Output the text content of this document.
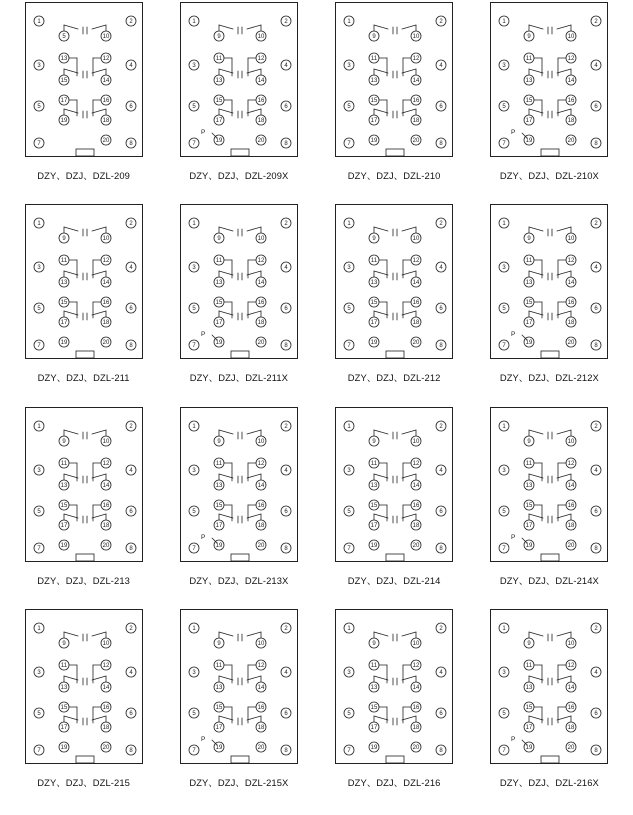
1
3
5
7
2
4
6
8
5
13
15
17
19
10
12
14
16
18
20
DZY、DZJ、DZL-209
1
3
5
7
2
4
6
8
9
11
13
15
17
19
10
12
14
16
18
20
P
DZY、DZJ、DZL-209X
1
3
5
7
2
4
6
8
9
11
13
15
17
19
10
12
14
16
18
20
DZY、DZJ、DZL-210
1
3
5
7
2
4
6
8
9
11
13
15
17
19
10
12
14
16
18
20
P
DZY、DZJ、DZL-210X
1
3
5
7
2
4
6
8
9
11
13
15
17
19
10
12
14
16
18
20
DZY、DZJ、DZL-211
1
3
5
7
2
4
6
8
9
11
13
15
17
19
10
12
14
16
18
20
P
DZY、DZJ、DZL-211X
1
3
5
7
2
4
6
8
9
11
13
15
17
19
10
12
14
16
18
20
DZY、DZJ、DZL-212
1
3
5
7
2
4
6
8
9
11
13
15
17
19
10
12
14
16
18
20
P
DZY、DZJ、DZL-212X
1
3
5
7
2
4
6
8
9
11
13
15
17
19
10
12
14
16
18
20
DZY、DZJ、DZL-213
1
3
5
7
2
4
6
8
9
11
13
15
17
19
10
12
14
16
18
20
P
DZY、DZJ、DZL-213X
1
3
5
7
2
4
6
8
9
11
13
15
17
19
10
12
14
16
18
20
DZY、DZJ、DZL-214
1
3
5
7
2
4
6
8
9
11
13
15
17
19
10
12
14
16
18
20
P
DZY、DZJ、DZL-214X
1
3
5
7
2
4
6
8
9
11
13
15
17
19
10
12
14
16
18
20
DZY、DZJ、DZL-215
1
3
5
7
2
4
6
8
9
11
13
15
17
19
10
12
14
16
18
20
P
DZY、DZJ、DZL-215X
1
3
5
7
2
4
6
8
9
11
13
15
17
19
10
12
14
16
18
20
DZY、DZJ、DZL-216
1
3
5
7
2
4
6
8
9
11
13
15
17
19
10
12
14
16
18
20
P
DZY、DZJ、DZL-216X
